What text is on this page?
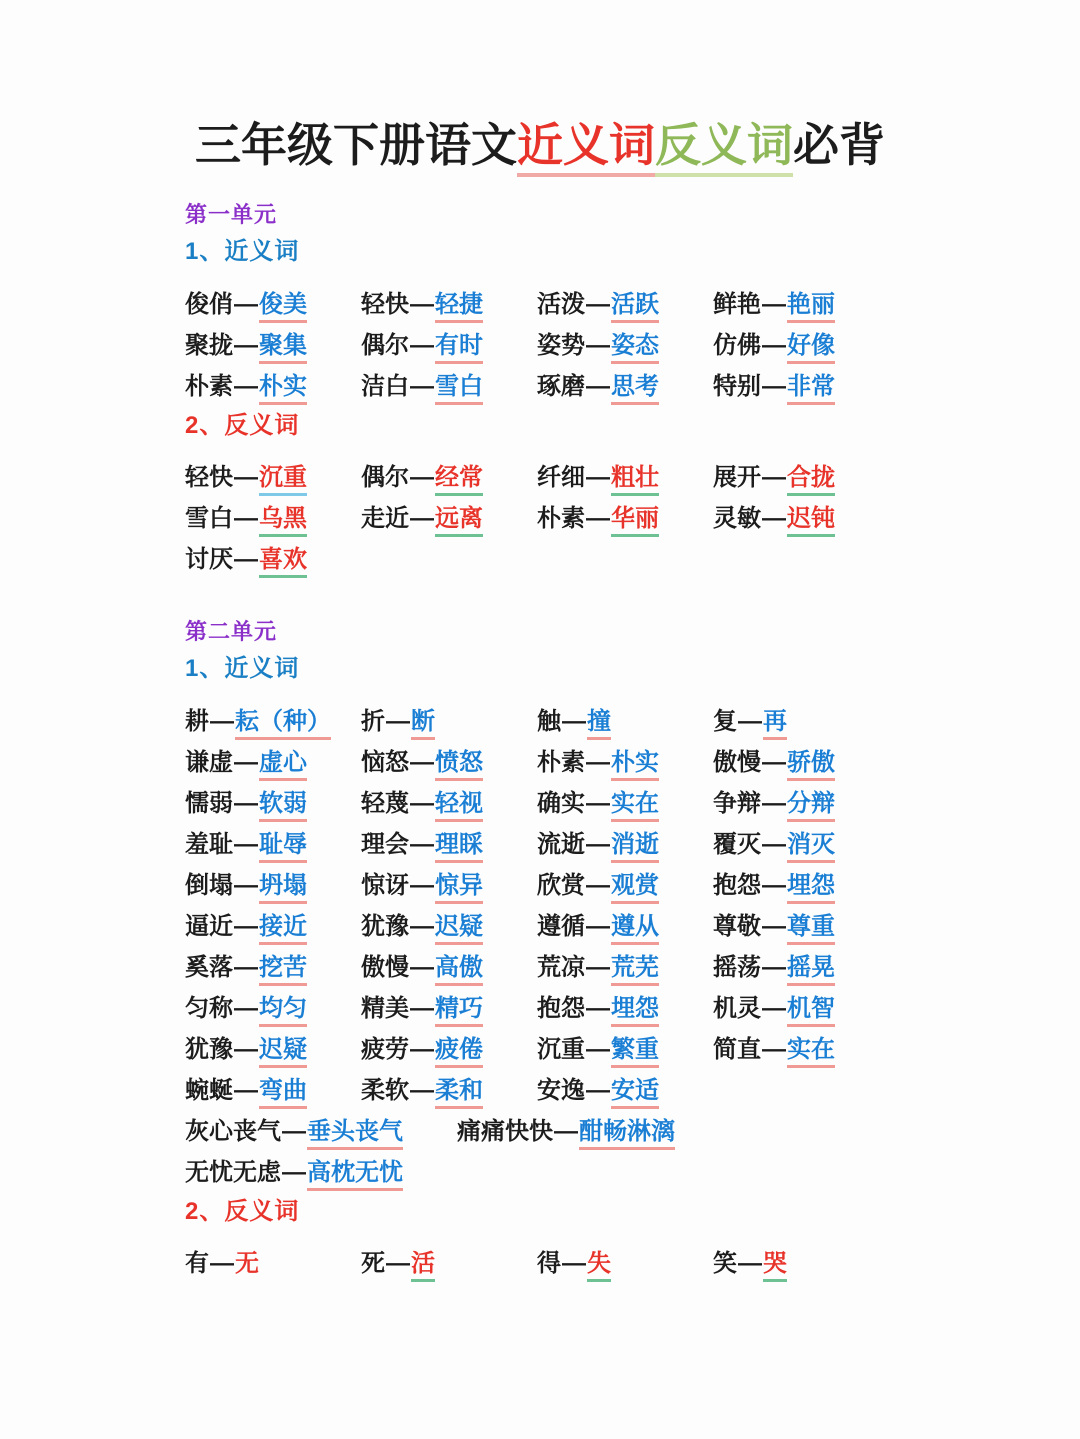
三年级下册语文近义词反义词必背
第一单元
1、近义词
俊俏—俊美	轻快—轻捷	活泼—活跃	鲜艳—艳丽
聚拢—聚集	偶尔—有时	姿势—姿态	仿佛—好像
朴素—朴实	洁白—雪白	琢磨—思考	特别—非常
2、反义词
轻快—沉重	偶尔—经常	纤细—粗壮	展开—合拢
雪白—乌黑	走近—远离	朴素—华丽	灵敏—迟钝
讨厌—喜欢
第二单元
1、近义词
耕—耘（种）	折—断	触—撞	复—再
谦虚—虚心	恼怒—愤怒	朴素—朴实	傲慢—骄傲
懦弱—软弱	轻蔑—轻视	确实—实在	争辩—分辩
羞耻—耻辱	理会—理睬	流逝—消逝	覆灭—消灭
倒塌—坍塌	惊讶—惊异	欣赏—观赏	抱怨—埋怨
逼近—接近	犹豫—迟疑	遵循—遵从	尊敬—尊重
奚落—挖苦	傲慢—高傲	荒凉—荒芜	摇荡—摇晃
匀称—均匀	精美—精巧	抱怨—埋怨	机灵—机智
犹豫—迟疑	疲劳—疲倦	沉重—繁重	简直—实在
蜿蜒—弯曲	柔软—柔和	安逸—安适
灰心丧气—垂头丧气	痛痛快快—酣畅淋漓
无忧无虑—高枕无忧
2、反义词
有—无	死—活	得—失	笑—哭
